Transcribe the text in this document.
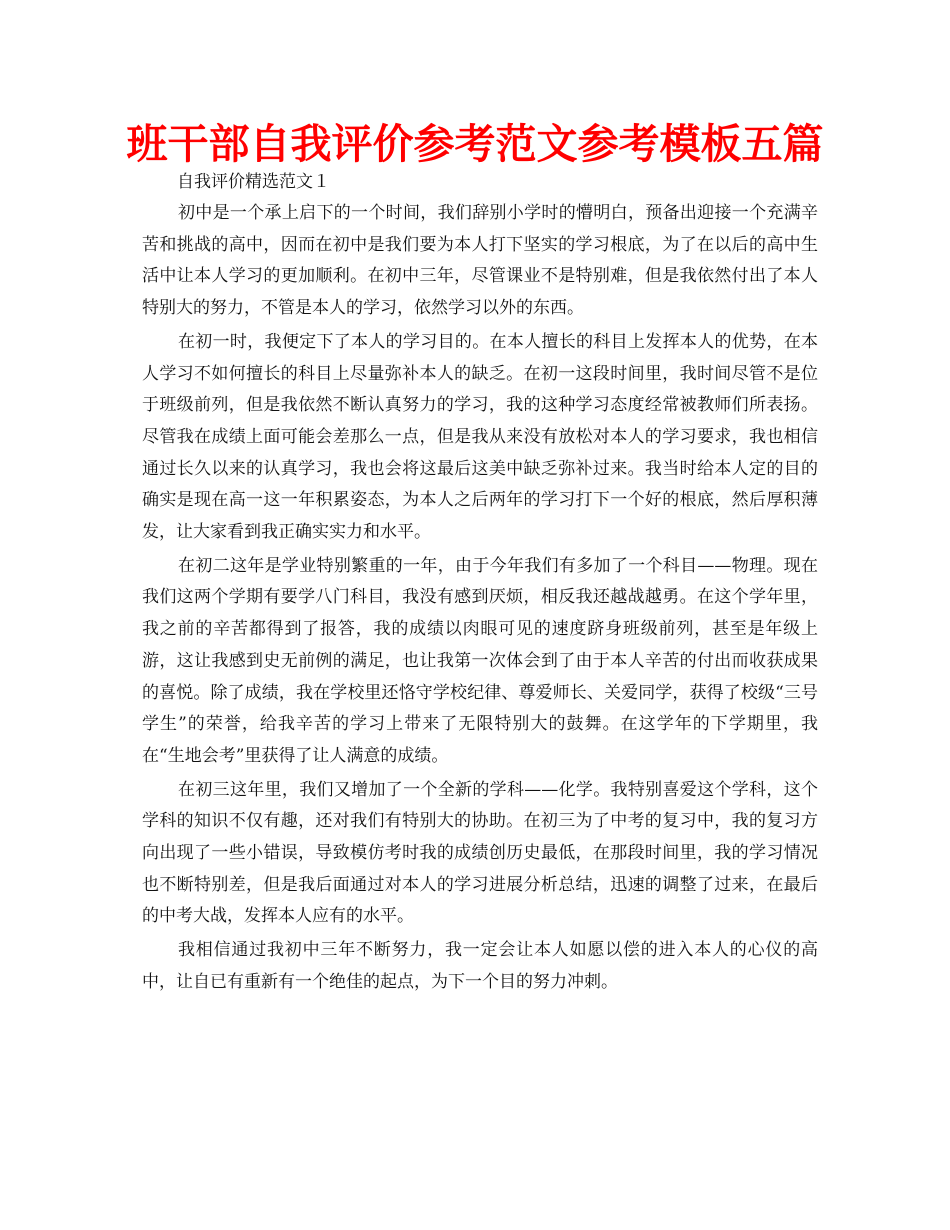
班干部自我评价参考范文参考模板五篇
自我评价精选范文１

初中是一个承上启下的一个时间，我们辞别小学时的懵明白，预备出迎接一个充满辛苦和挑战的高中，因而在初中是我们要为本人打下坚实的学习根底，为了在以后的高中生活中让本人学习的更加顺利。在初中三年，尽管课业不是特别难，但是我依然付出了本人特别大的努力，不管是本人的学习，依然学习以外的东西。

在初一时，我便定下了本人的学习目的。在本人擅长的科目上发挥本人的优势，在本人学习不如何擅长的科目上尽量弥补本人的缺乏。在初一这段时间里，我时间尽管不是位于班级前列，但是我依然不断认真努力的学习，我的这种学习态度经常被教师们所表扬。尽管我在成绩上面可能会差那么一点，但是我从来没有放松对本人的学习要求，我也相信通过长久以来的认真学习，我也会将这最后这美中缺乏弥补过来。我当时给本人定的目的确实是现在高一这一年积累姿态，为本人之后两年的学习打下一个好的根底，然后厚积薄发，让大家看到我正确实实力和水平。

在初二这年是学业特别繁重的一年，由于今年我们有多加了一个科目——物理。现在我们这两个学期有要学八门科目，我没有感到厌烦，相反我还越战越勇。在这个学年里，我之前的辛苦都得到了报答，我的成绩以肉眼可见的速度跻身班级前列，甚至是年级上游，这让我感到史无前例的满足，也让我第一次体会到了由于本人辛苦的付出而收获成果的喜悦。除了成绩，我在学校里还恪守学校纪律、尊爱师长、关爱同学，获得了校级“三号学生”的荣誉，给我辛苦的学习上带来了无限特别大的鼓舞。在这学年的下学期里，我在“生地会考”里获得了让人满意的成绩。

在初三这年里，我们又增加了一个全新的学科——化学。我特别喜爱这个学科，这个学科的知识不仅有趣，还对我们有特别大的协助。在初三为了中考的复习中，我的复习方向出现了一些小错误，导致模仿考时我的成绩创历史最低，在那段时间里，我的学习情况也不断特别差，但是我后面通过对本人的学习进展分析总结，迅速的调整了过来，在最后的中考大战，发挥本人应有的水平。

我相信通过我初中三年不断努力，我一定会让本人如愿以偿的进入本人的心仪的高中，让自已有重新有一个绝佳的起点，为下一个目的努力冲刺。
